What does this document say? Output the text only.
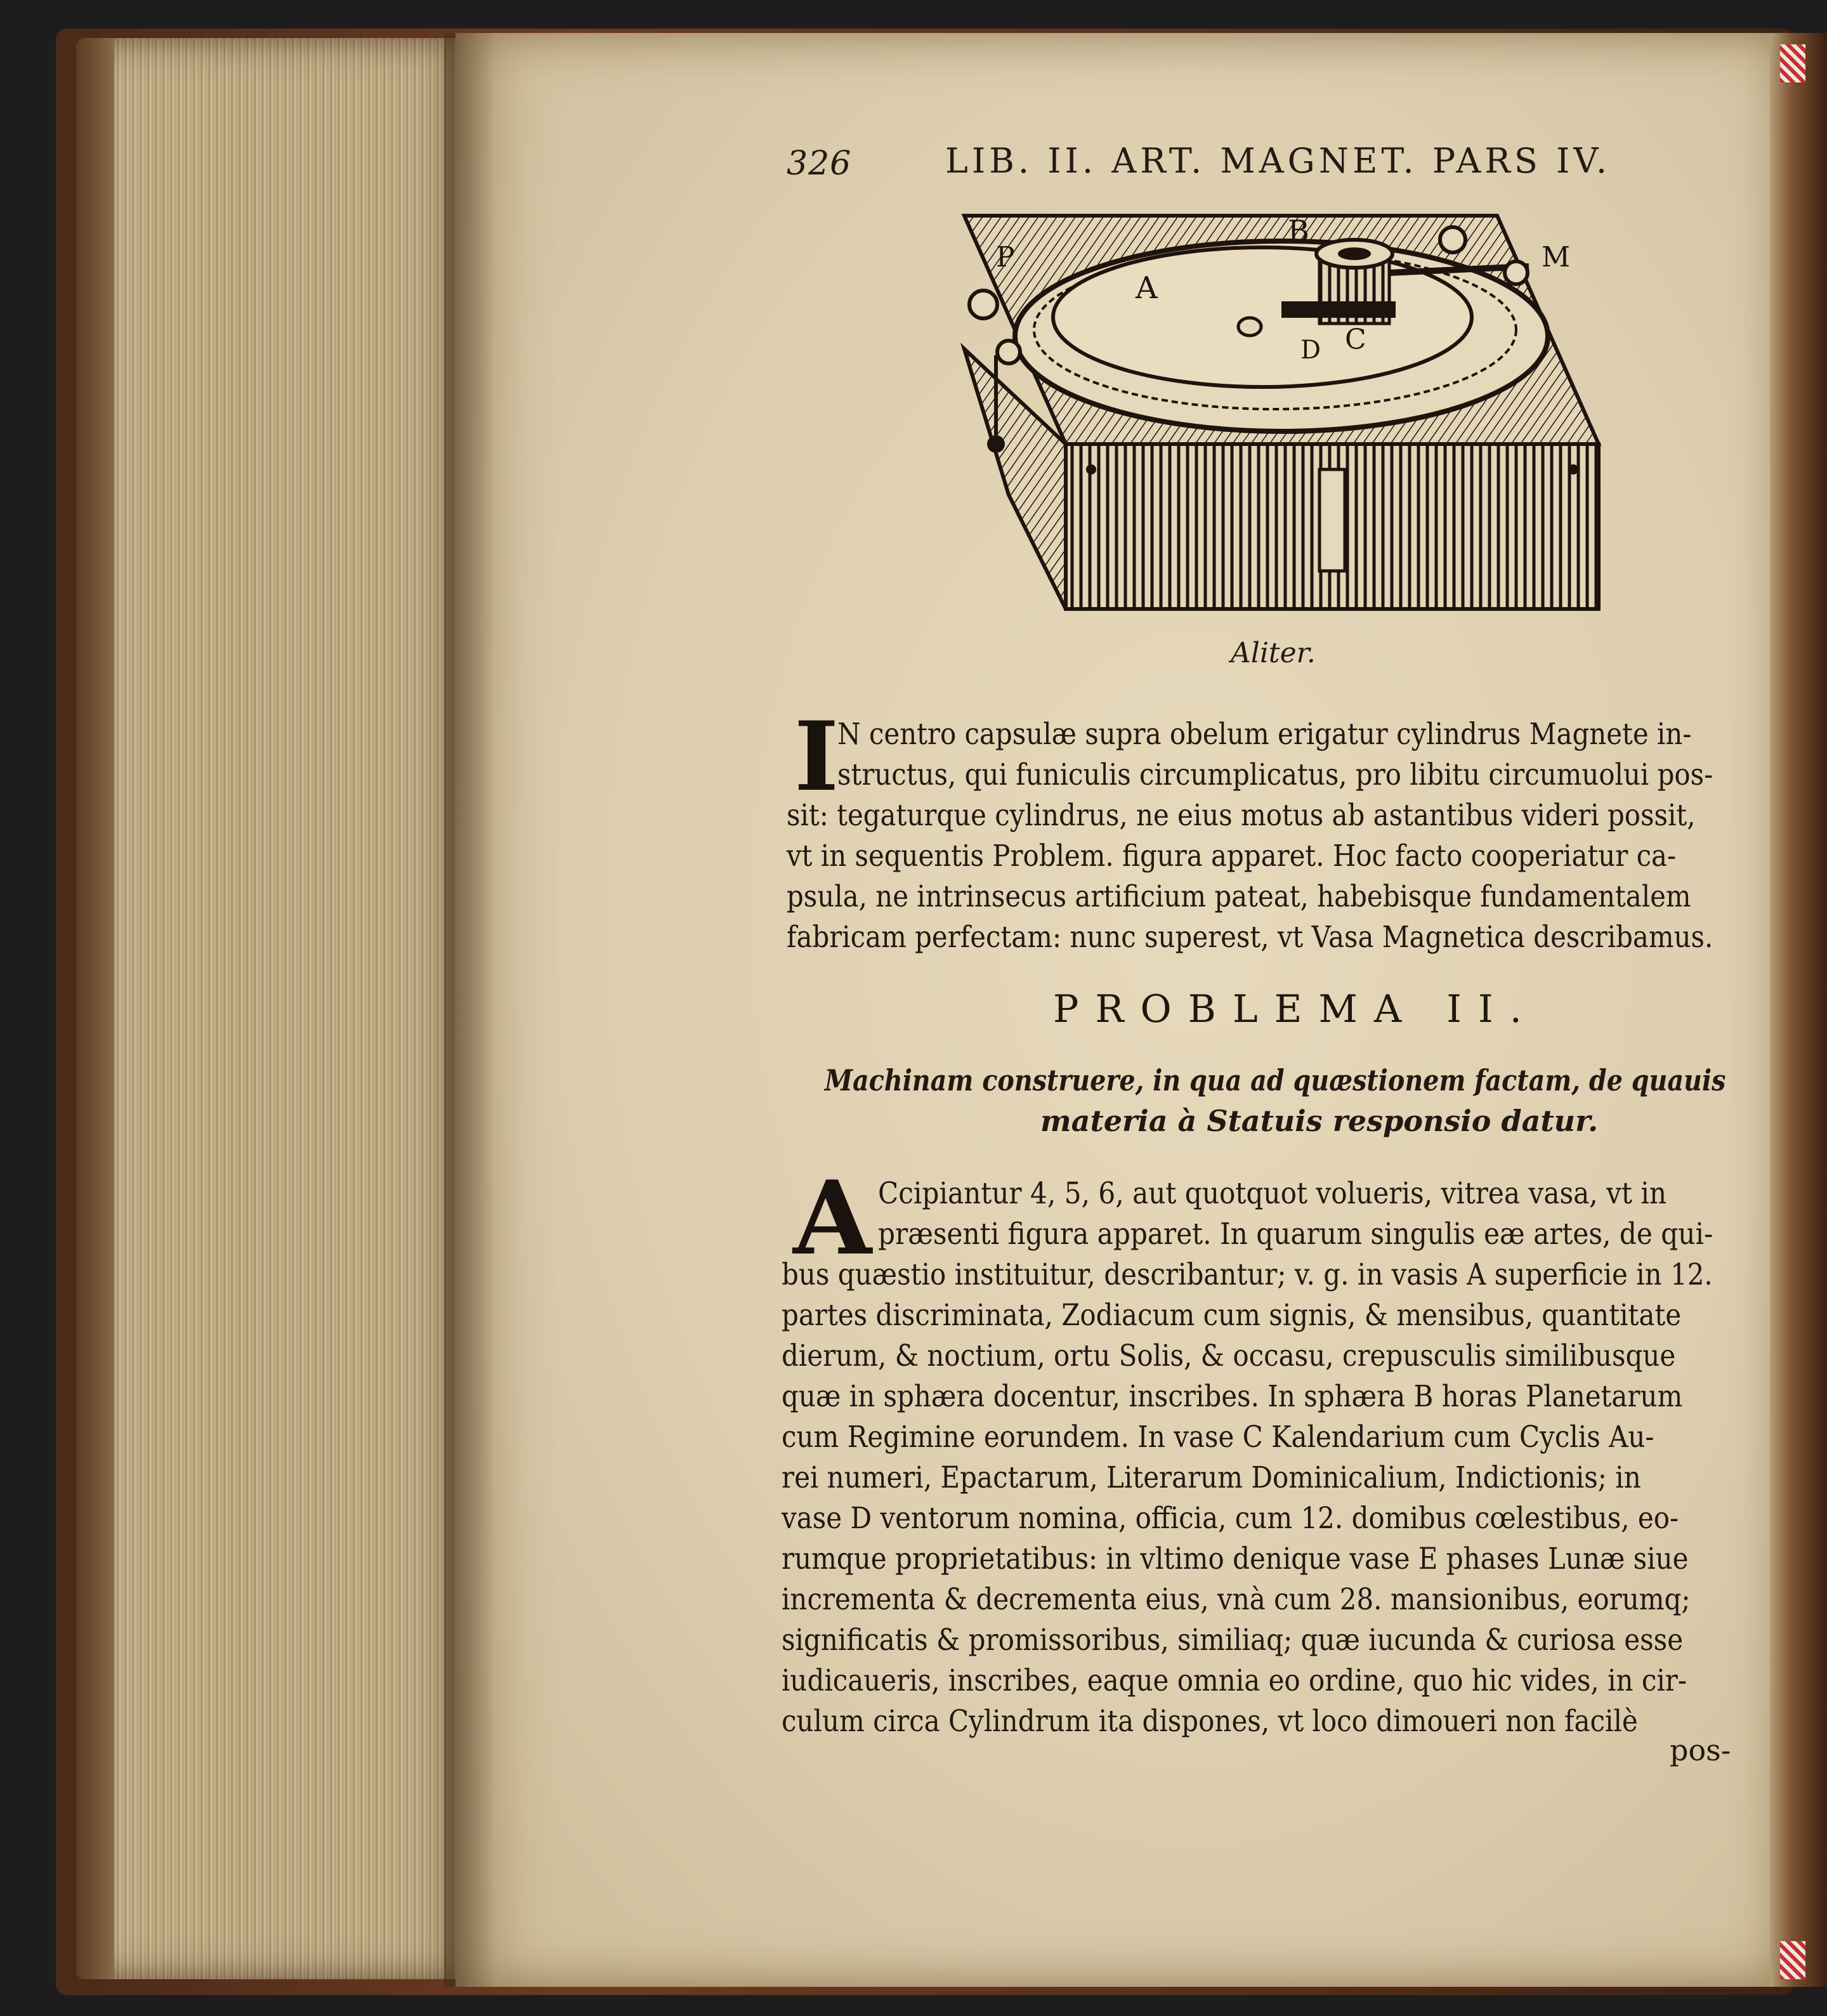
326	LIB. II. ART. MAGNET. PARS IV.
P
A
B
M
C
D
Aliter.
I
N centro capsulæ supra obelum erigatur cylindrus Magnete in-
structus, qui funiculis circumplicatus, pro libitu circumuolui pos-
sit: tegaturque cylindrus, ne eius motus ab astantibus videri possit,
vt in sequentis Problem. figura apparet. Hoc facto cooperiatur ca-
psula, ne intrinsecus artificium pateat, habebisque fundamentalem
fabricam perfectam: nunc superest, vt Vasa Magnetica describamus.
PROBLEMA II.
Machinam construere, in qua ad quæstionem factam, de quauis
materia à Statuis responsio datur.
A Ccipiantur 4, 5, 6, aut quotquot volueris, vitrea vasa, vt in
præsenti figura apparet. In quarum singulis eæ artes, de qui-
bus quæstio instituitur, describantur; v. g. in vasis A superficie in 12.
partes discriminata, Zodiacum cum signis, & mensibus, quantitate
dierum, & noctium, ortu Solis, & occasu, crepusculis similibusque
quæ in sphæra docentur, inscribes. In sphæra B horas Planetarum
cum Regimine eorundem. In vase C Kalendarium cum Cyclis Au-
rei numeri, Epactarum, Literarum Dominicalium, Indictionis; in
vase D ventorum nomina, officia, cum 12. domibus cœlestibus, eo-
rumque proprietatibus: in vltimo denique vase E phases Lunæ siue
incrementa & decrementa eius, vnà cum 28. mansionibus, eorumq;
significatis & promissoribus, similiaq; quæ iucunda & curiosa esse
iudicaueris, inscribes, eaque omnia eo ordine, quo hic vides, in cir-
culum circa Cylindrum ita dispones, vt loco dimoueri non facilè
pos-
